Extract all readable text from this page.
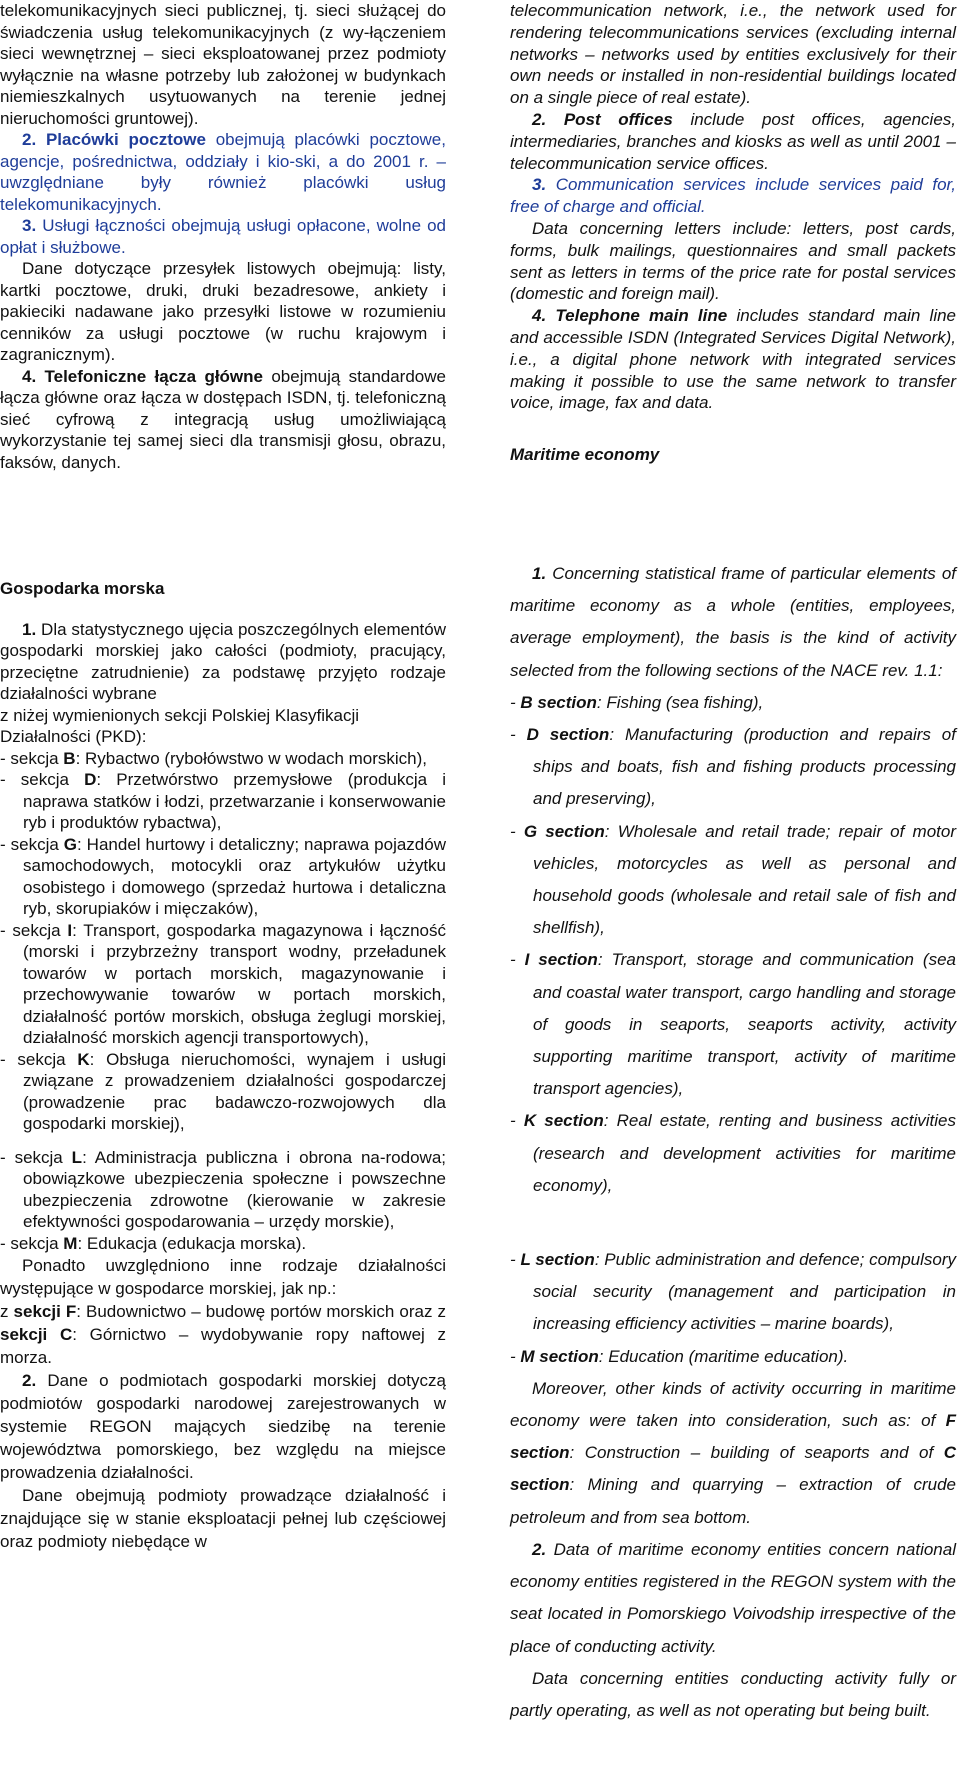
telekomunikacyjnych sieci publicznej, tj. sieci służącej do świadczenia usług telekomunikacyjnych (z wy-łączeniem sieci wewnętrznej – sieci eksploatowanej przez podmioty wyłącznie na własne potrzeby lub założonej w budynkach niemieszkalnych usytuowanych na terenie jednej nieruchomości gruntowej).

2. Placówki pocztowe obejmują placówki pocztowe, agencje, pośrednictwa, oddziały i kio-ski, a do 2001 r. – uwzględniane były również placówki usług telekomunikacyjnych.

3. Usługi łączności obejmują usługi opłacone, wolne od opłat i służbowe.

Dane dotyczące przesyłek listowych obejmują: listy, kartki pocztowe, druki, druki bezadresowe, ankiety i pakieciki nadawane jako przesyłki listowe w rozumieniu cenników za usługi pocztowe (w ruchu krajowym i zagranicznym).

4. Telefoniczne łącza główne obejmują standardowe łącza główne oraz łącza w dostępach ISDN, tj. telefoniczną sieć cyfrową z integracją usług umożliwiającą wykorzystanie tej samej sieci dla transmisji głosu, obrazu, faksów, danych.

Gospodarka morska

1. Dla statystycznego ujęcia poszczególnych elementów gospodarki morskiej jako całości (podmioty, pracujący, przeciętne zatrudnienie) za podstawę przyjęto rodzaje działalności wybrane

z niżej wymienionych sekcji Polskiej Klasyfikacji Działalności (PKD):

- sekcja B: Rybactwo (rybołówstwo w wodach morskich),

- sekcja D: Przetwórstwo przemysłowe (produkcja i naprawa statków i łodzi, przetwarzanie i konserwowanie ryb i produktów rybactwa),

- sekcja G: Handel hurtowy i detaliczny; naprawa pojazdów samochodowych, motocykli oraz artykułów użytku osobistego i domowego (sprzedaż hurtowa i detaliczna ryb, skorupiaków i mięczaków),

- sekcja I: Transport, gospodarka magazynowa i łączność (morski i przybrzeżny transport wodny, przeładunek towarów w portach morskich, magazynowanie i przechowywanie towarów w portach morskich, działalność portów morskich, obsługa żeglugi morskiej, działalność morskich agencji transportowych),

- sekcja K: Obsługa nieruchomości, wynajem i usługi związane z prowadzeniem działalności gospodarczej (prowadzenie prac badawczo-rozwojowych dla gospodarki morskiej),

- sekcja L: Administracja publiczna i obrona na-rodowa; obowiązkowe ubezpieczenia społeczne i powszechne ubezpieczenia zdrowotne (kierowanie w zakresie efektywności gospodarowania – urzędy morskie),

- sekcja M: Edukacja (edukacja morska).

Ponadto uwzględniono inne rodzaje działalności występujące w gospodarce morskiej, jak np.:

z sekcji F: Budownictwo – budowę portów morskich oraz z sekcji C: Górnictwo – wydobywanie ropy naftowej z morza.

2. Dane o podmiotach gospodarki morskiej dotyczą podmiotów gospodarki narodowej zarejestrowanych w systemie REGON mających siedzibę na terenie województwa pomorskiego, bez względu na miejsce prowadzenia działalności.

Dane obejmują podmioty prowadzące działalność i znajdujące się w stanie eksploatacji pełnej lub częściowej oraz podmioty niebędące w

telecommunication network, i.e., the network used for rendering telecommunications services (excluding internal networks – networks used by entities exclusively for their own needs or installed in non-residential buildings located on a single piece of real estate).

2. Post offices include post offices, agencies, intermediaries, branches and kiosks as well as until 2001 – telecommunication service offices.

3. Communication services include services paid for, free of charge and official.

Data concerning letters include: letters, post cards, forms, bulk mailings, questionnaires and small packets sent as letters in terms of the price rate for postal services (domestic and foreign mail).

4. Telephone main line includes standard main line and accessible ISDN (Integrated Services Digital Network), i.e., a digital phone network with integrated services making it possible to use the same network to transfer voice, image, fax and data.

Maritime economy

1. Concerning statistical frame of particular elements of maritime economy as a whole (entities, employees, average employment), the basis is the kind of activity selected from the following sections of the NACE rev. 1.1:

- B section: Fishing (sea fishing),

- D section: Manufacturing (production and repairs of ships and boats, fish and fishing products processing and preserving),

- G section: Wholesale and retail trade; repair of motor vehicles, motorcycles as well as personal and household goods (wholesale and retail sale of fish and shellfish),

- I section: Transport, storage and communication (sea and coastal water transport, cargo handling and storage of goods in seaports, seaports activity, activity supporting maritime transport, activity of maritime transport agencies),

- K section: Real estate, renting and business activities (research and development activities for maritime economy),

- L section: Public administration and defence; compulsory social security (management and participation in increasing efficiency activities – marine boards),

- M section: Education (maritime education).

Moreover, other kinds of activity occurring in maritime economy were taken into consideration, such as: of F section: Construction – building of seaports and of C section: Mining and quarrying – extraction of crude petroleum and from sea bottom.

2. Data of maritime economy entities concern national economy entities registered in the REGON system with the seat located in Pomorskiego Voivodship irrespective of the place of conducting activity.

Data concerning entities conducting activity fully or partly operating, as well as not operating but being built.
